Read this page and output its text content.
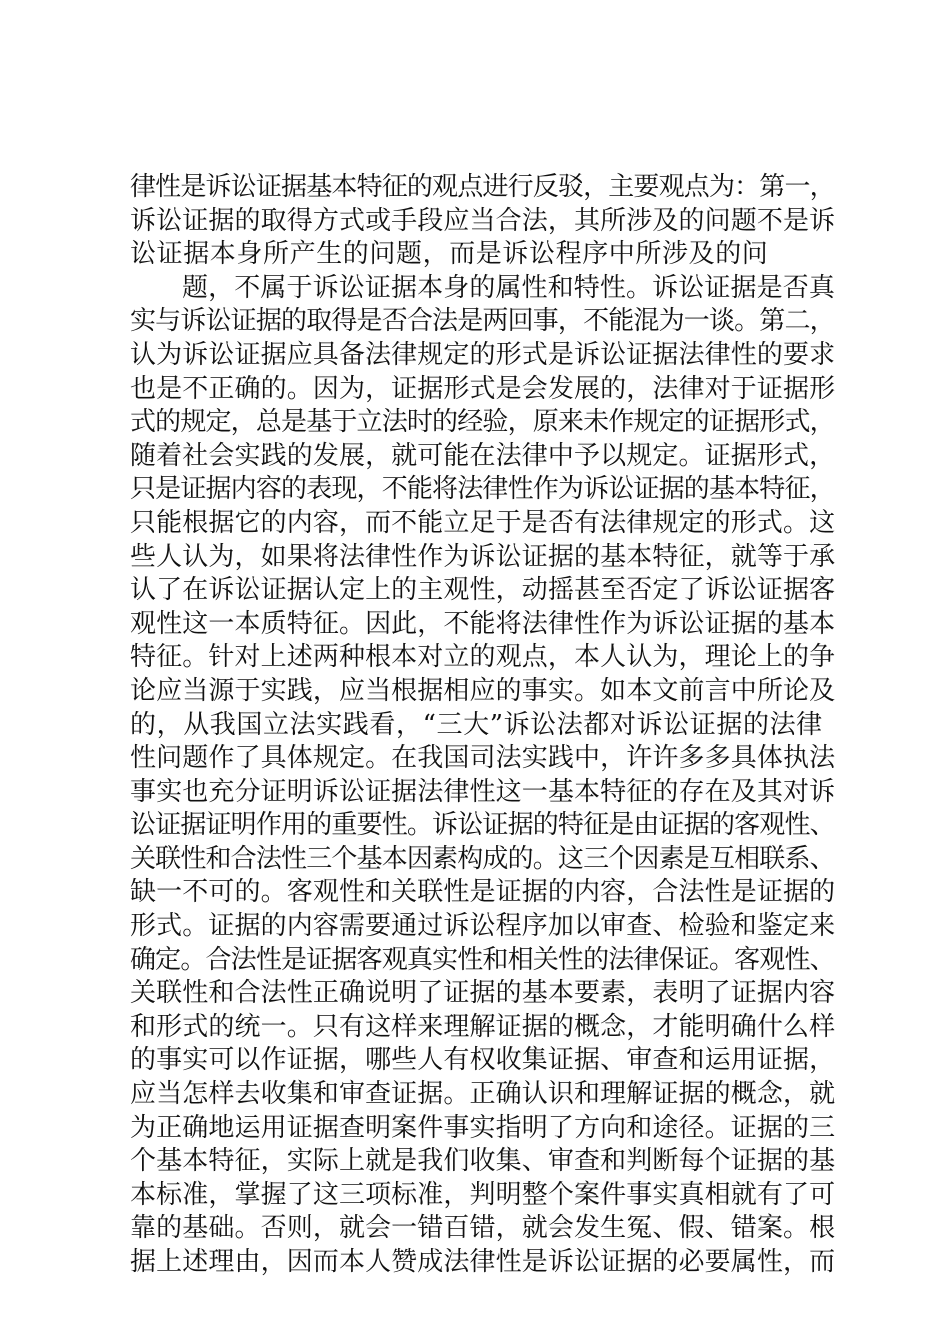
律性是诉讼证据基本特征的观点进行反驳，主要观点为：第一，
诉讼证据的取得方式或手段应当合法，其所涉及的问题不是诉
讼证据本身所产生的问题，而是诉讼程序中所涉及的问
题，不属于诉讼证据本身的属性和特性。诉讼证据是否真
实与诉讼证据的取得是否合法是两回事，不能混为一谈。第二，
认为诉讼证据应具备法律规定的形式是诉讼证据法律性的要求
也是不正确的。因为，证据形式是会发展的，法律对于证据形
式的规定，总是基于立法时的经验，原来未作规定的证据形式，
随着社会实践的发展，就可能在法律中予以规定。证据形式，
只是证据内容的表现，不能将法律性作为诉讼证据的基本特征，
只能根据它的内容，而不能立足于是否有法律规定的形式。这
些人认为，如果将法律性作为诉讼证据的基本特征，就等于承
认了在诉讼证据认定上的主观性，动摇甚至否定了诉讼证据客
观性这一本质特征。因此，不能将法律性作为诉讼证据的基本
特征。针对上述两种根本对立的观点，本人认为，理论上的争
论应当源于实践，应当根据相应的事实。如本文前言中所论及
的，从我国立法实践看，“三大”诉讼法都对诉讼证据的法律
性问题作了具体规定。在我国司法实践中，许许多多具体执法
事实也充分证明诉讼证据法律性这一基本特征的存在及其对诉
讼证据证明作用的重要性。诉讼证据的特征是由证据的客观性、
关联性和合法性三个基本因素构成的。这三个因素是互相联系、
缺一不可的。客观性和关联性是证据的内容，合法性是证据的
形式。证据的内容需要通过诉讼程序加以审查、检验和鉴定来
确定。合法性是证据客观真实性和相关性的法律保证。客观性、
关联性和合法性正确说明了证据的基本要素，表明了证据内容
和形式的统一。只有这样来理解证据的概念，才能明确什么样
的事实可以作证据，哪些人有权收集证据、审查和运用证据，
应当怎样去收集和审查证据。正确认识和理解证据的概念，就
为正确地运用证据查明案件事实指明了方向和途径。证据的三
个基本特征，实际上就是我们收集、审查和判断每个证据的基
本标准，掌握了这三项标准，判明整个案件事实真相就有了可
靠的基础。否则，就会一错百错，就会发生冤、假、错案。根
据上述理由，因而本人赞成法律性是诉讼证据的必要属性，而
